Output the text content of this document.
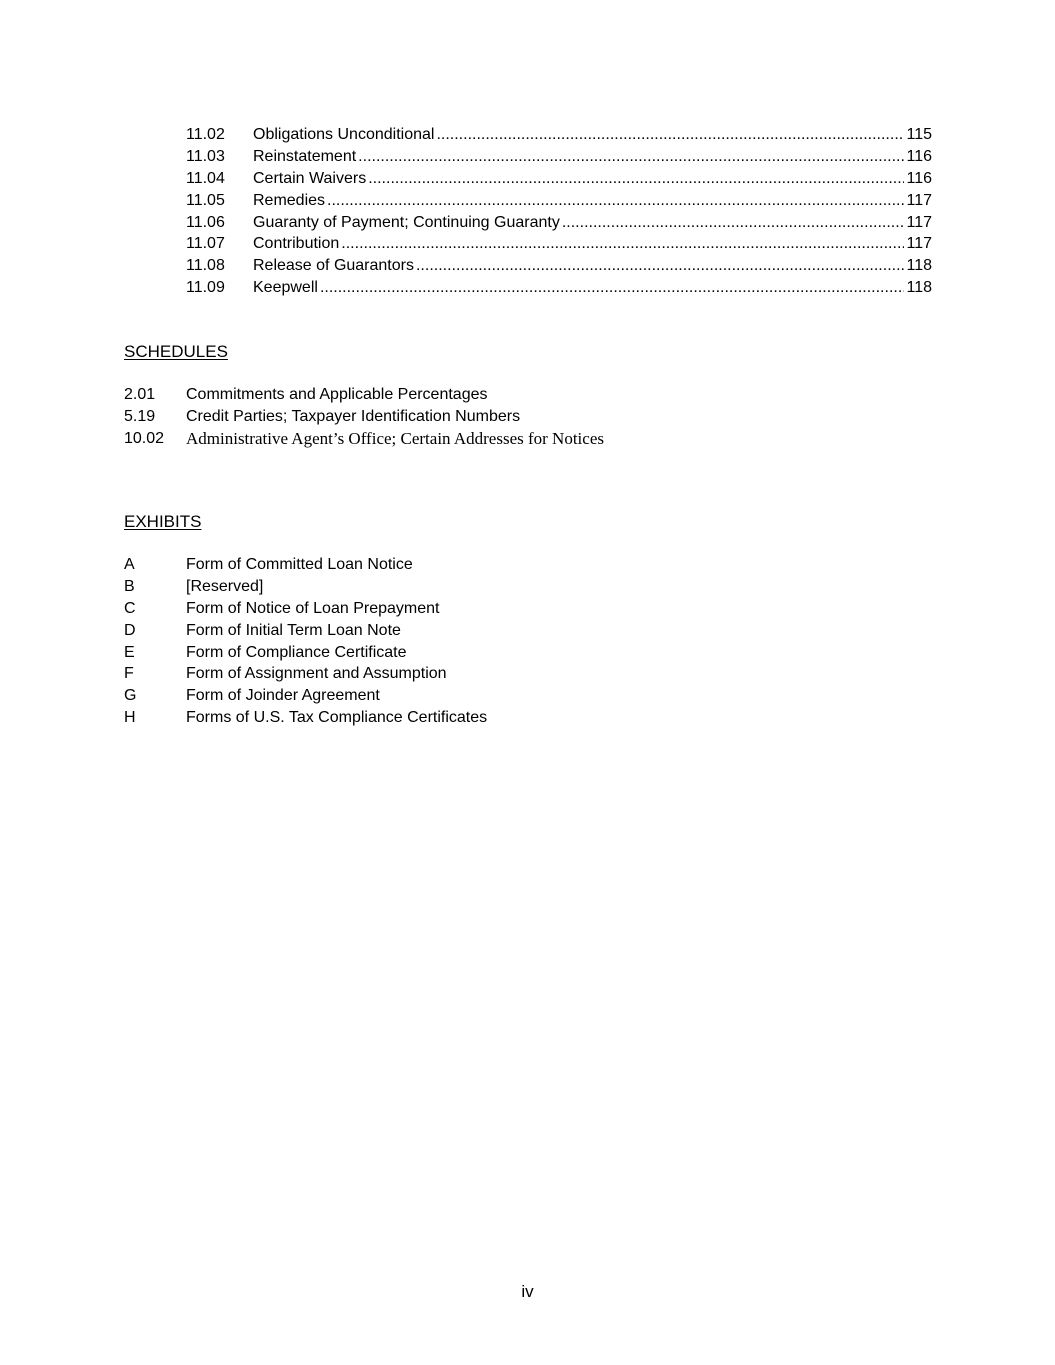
11.02	Obligations Unconditional .....	115
11.03	Reinstatement .....	116
11.04	Certain Waivers .....	116
11.05	Remedies .....	117
11.06	Guaranty of Payment; Continuing Guaranty .....	117
11.07	Contribution .....	117
11.08	Release of Guarantors .....	118
11.09	Keepwell .....	118
SCHEDULES
2.01	Commitments and Applicable Percentages
5.19	Credit Parties; Taxpayer Identification Numbers
10.02	Administrative Agent’s Office; Certain Addresses for Notices
EXHIBITS
A	Form of Committed Loan Notice
B	[Reserved]
C	Form of Notice of Loan Prepayment
D	Form of Initial Term Loan Note
E	Form of Compliance Certificate
F	Form of Assignment and Assumption
G	Form of Joinder Agreement
H	Forms of U.S. Tax Compliance Certificates
iv
